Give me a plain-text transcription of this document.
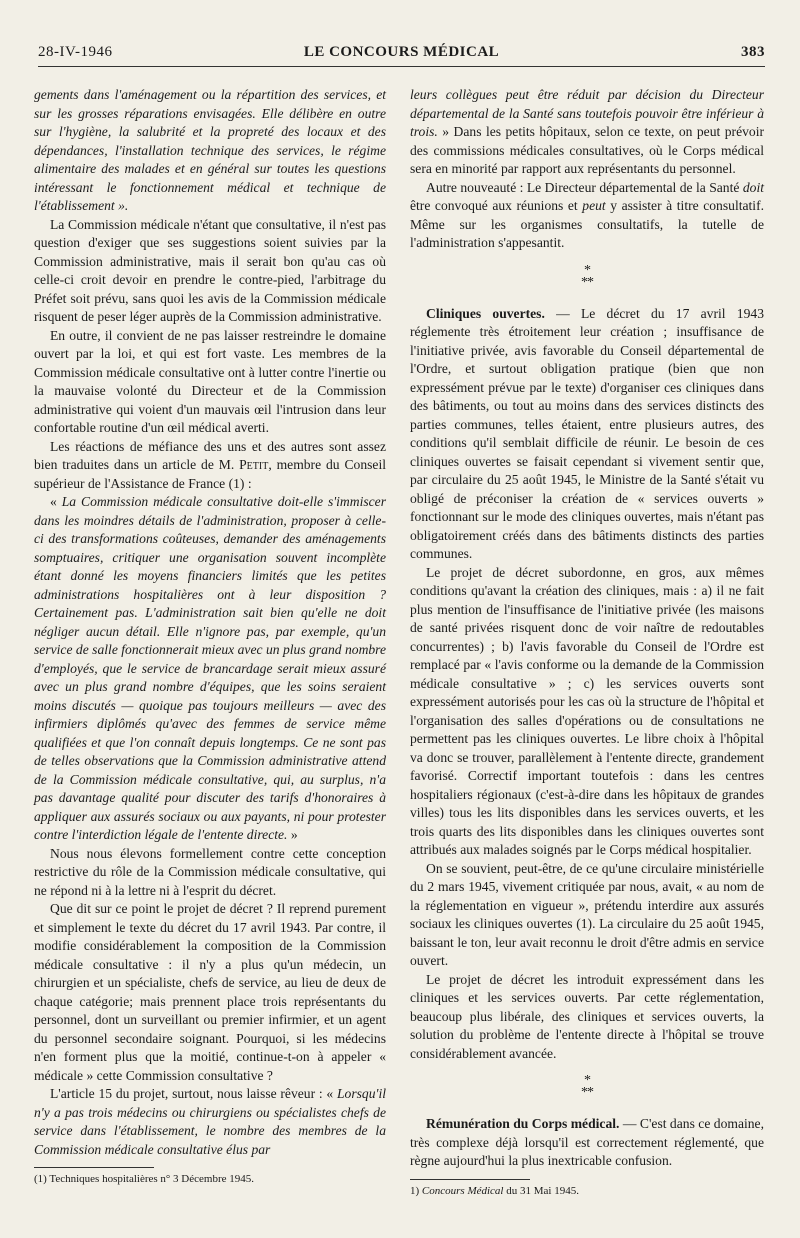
28-IV-1946	LE CONCOURS MÉDICAL	383

gements dans l'aménagement ou la répartition des services, et sur les grosses réparations envisagées. Elle délibère en outre sur l'hygiène, la salubrité et la propreté des locaux et des dépendances, l'installation technique des services, le régime alimentaire des malades et en général sur toutes les questions intéressant le fonctionnement médical et technique de l'établissement ».

La Commission médicale n'étant que consultative, il n'est pas question d'exiger que ses suggestions soient suivies par la Commission administrative, mais il serait bon qu'au cas où celle-ci croit devoir en prendre le contre-pied, l'arbitrage du Préfet soit prévu, sans quoi les avis de la Commission médicale risquent de peser léger auprès de la Commission administrative.

En outre, il convient de ne pas laisser restreindre le domaine ouvert par la loi, et qui est fort vaste. Les membres de la Commission médicale consultative ont à lutter contre l'inertie ou la mauvaise volonté du Directeur et de la Commission administrative qui voient d'un mauvais œil l'intrusion dans leur confortable routine d'un œil médical averti.

Les réactions de méfiance des uns et des autres sont assez bien traduites dans un article de M. Petit, membre du Conseil supérieur de l'Assistance de France (1) :

« La Commission médicale consultative doit-elle s'immiscer dans les moindres détails de l'administration, proposer à celle-ci des transformations coûteuses, demander des aménagements somptuaires, critiquer une organisation souvent incomplète étant donné les moyens financiers limités que les petites administrations hospitalières ont à leur disposition ? Certainement pas. L'administration sait bien qu'elle ne doit négliger aucun détail. Elle n'ignore pas, par exemple, qu'un service de salle fonctionnerait mieux avec un plus grand nombre d'employés, que le service de brancardage serait mieux assuré avec un plus grand nombre d'équipes, que les soins seraient moins discutés — quoique pas toujours meilleurs — avec des infirmiers diplômés qu'avec des femmes de service même qualifiées et que l'on connaît depuis longtemps. Ce ne sont pas de telles observations que la Commission administrative attend de la Commission médicale consultative, qui, au surplus, n'a pas davantage qualité pour discuter des tarifs d'honoraires à appliquer aux assurés sociaux ou aux payants, ni pour protester contre l'interdiction légale de l'entente directe. »

Nous nous élevons formellement contre cette conception restrictive du rôle de la Commission médicale consultative, qui ne répond ni à la lettre ni à l'esprit du décret.

Que dit sur ce point le projet de décret ? Il reprend purement et simplement le texte du décret du 17 avril 1943. Par contre, il modifie considérablement la composition de la Commission médicale consultative : il n'y a plus qu'un médecin, un chirurgien et un spécialiste, chefs de service, au lieu de deux de chaque catégorie; mais prennent place trois représentants du personnel, dont un surveillant ou premier infirmier, et un agent du personnel secondaire soignant. Pourquoi, si les médecins n'en forment plus que la moitié, continue-t-on à appeler « médicale » cette Commission consultative ?

L'article 15 du projet, surtout, nous laisse rêveur : « Lorsqu'il n'y a pas trois médecins ou chirurgiens ou spécialistes chefs de service dans l'établissement, le nombre des membres de la Commission médicale consultative élus par

(1) Techniques hospitalières n° 3 Décembre 1945.

leurs collègues peut être réduit par décision du Directeur départemental de la Santé sans toutefois pouvoir être inférieur à trois. » Dans les petits hôpitaux, selon ce texte, on peut prévoir des commissions médicales consultatives, où le Corps médical sera en minorité par rapport aux représentants du personnel.

Autre nouveauté : Le Directeur départemental de la Santé doit être convoqué aux réunions et peut y assister à titre consultatif. Même sur les organismes consultatifs, la tutelle de l'administration s'appesantit.

*
**

Cliniques ouvertes. — Le décret du 17 avril 1943 réglemente très étroitement leur création ; insuffisance de l'initiative privée, avis favorable du Conseil départemental de l'Ordre, et surtout obligation pratique (bien que non expressément prévue par le texte) d'organiser ces cliniques dans des bâtiments, ou tout au moins dans des services distincts des parties communes, telles étaient, entre plusieurs autres, des conditions qu'il semblait difficile de réunir. Le besoin de ces cliniques ouvertes se faisait cependant si vivement sentir que, par circulaire du 25 août 1945, le Ministre de la Santé s'était vu obligé de préconiser la création de « services ouverts » fonctionnant sur le mode des cliniques ouvertes, mais n'étant pas obligatoirement créés dans des bâtiments distincts des parties communes.

Le projet de décret subordonne, en gros, aux mêmes conditions qu'avant la création des cliniques, mais : a) il ne fait plus mention de l'insuffisance de l'initiative privée (les maisons de santé privées risquent donc de voir naître de redoutables concurrentes) ; b) l'avis favorable du Conseil de l'Ordre est remplacé par « l'avis conforme ou la demande de la Commission médicale consultative » ; c) les services ouverts sont expressément autorisés pour les cas où la structure de l'hôpital et l'organisation des salles d'opérations ou de consultations ne permettent pas les cliniques ouvertes. Le libre choix à l'hôpital va donc se trouver, parallèlement à l'entente directe, grandement favorisé. Correctif important toutefois : dans les centres hospitaliers régionaux (c'est-à-dire dans les hôpitaux de grandes villes) tous les lits disponibles dans les services ouverts, et les trois quarts des lits disponibles dans les cliniques ouvertes sont attribués aux malades soignés par le Corps médical hospitalier.

On se souvient, peut-être, de ce qu'une circulaire ministérielle du 2 mars 1945, vivement critiquée par nous, avait, « au nom de la réglementation en vigueur », prétendu interdire aux assurés sociaux les cliniques ouvertes (1). La circulaire du 25 août 1945, baissant le ton, leur avait reconnu le droit d'être admis en service ouvert.

Le projet de décret les introduit expressément dans les cliniques et les services ouverts. Par cette réglementation, beaucoup plus libérale, des cliniques et services ouverts, la solution du problème de l'entente directe à l'hôpital se trouve considérablement avancée.

*
**

Rémunération du Corps médical. — C'est dans ce domaine, très complexe déjà lorsqu'il est correctement réglementé, que règne aujourd'hui la plus inextricable confusion.

1) Concours Médical du 31 Mai 1945.
